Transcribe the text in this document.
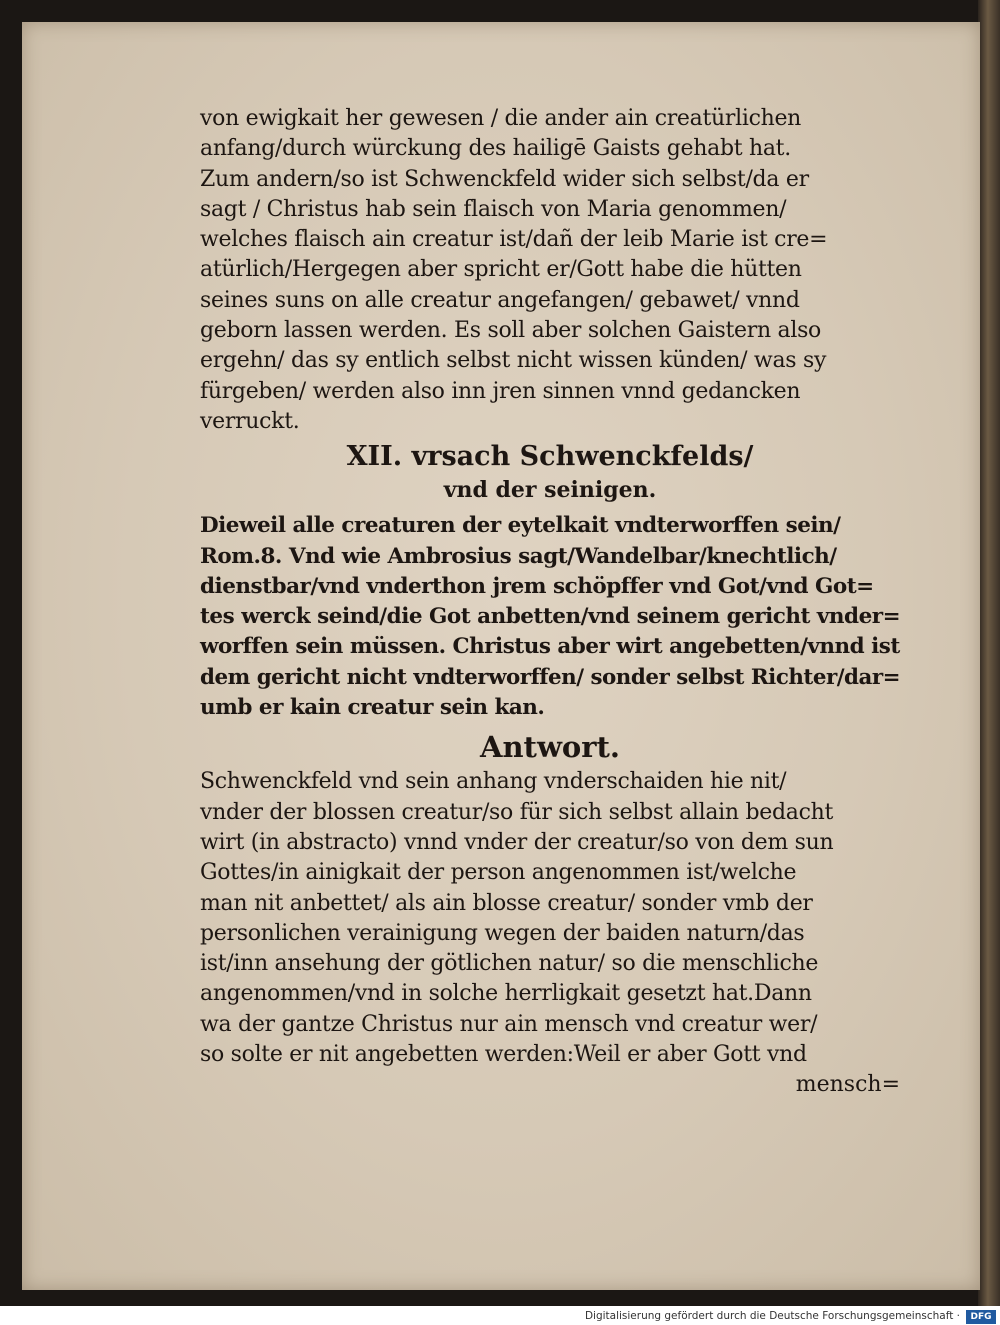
von ewigkait her gewesen / die ander ain creatürlichen
anfang/durch würckung des hailigē Gaists gehabt hat.
Zum andern/so ist Schwenckfeld wider sich selbst/da er
sagt / Christus hab sein flaisch von Maria genommen/
welches flaisch ain creatur ist/dañ der leib Marie ist cre=
atürlich/Hergegen aber spricht er/Gott habe die hütten
seines suns on alle creatur angefangen/ gebawet/ vnnd
geborn lassen werden. Es soll aber solchen Gaistern also
ergehn/ das sy entlich selbst nicht wissen künden/ was sy
fürgeben/ werden also inn jren sinnen vnnd gedancken
verruckt.
XII. vrsach Schwenckfelds/
vnd der seinigen.
Dieweil alle creaturen der eytelkait vndterworffen sein/
Rom.8. Vnd wie Ambrosius sagt/Wandelbar/knechtlich/
dienstbar/vnd vnderthon jrem schöpffer vnd Got/vnd Got=
tes werck seind/die Got anbetten/vnd seinem gericht vnder=
worffen sein müssen. Christus aber wirt angebetten/vnnd ist
dem gericht nicht vndterworffen/ sonder selbst Richter/dar=
umb er kain creatur sein kan.
Antwort.
Schwenckfeld vnd sein anhang vnderschaiden hie nit/
vnder der blossen creatur/so für sich selbst allain bedacht
wirt (in abstracto) vnnd vnder der creatur/so von dem sun
Gottes/in ainigkait der person angenommen ist/welche
man nit anbettet/ als ain blosse creatur/ sonder vmb der
personlichen verainigung wegen der baiden naturn/das
ist/inn ansehung der götlichen natur/ so die menschliche
angenommen/vnd in solche herrligkait gesetzt hat.Dann
wa der gantze Christus nur ain mensch vnd creatur wer/
so solte er nit angebetten werden:Weil er aber Gott vnd
mensch=
Digitalisierung gefördert durch die Deutsche Forschungsgemeinschaft ·	DFG
